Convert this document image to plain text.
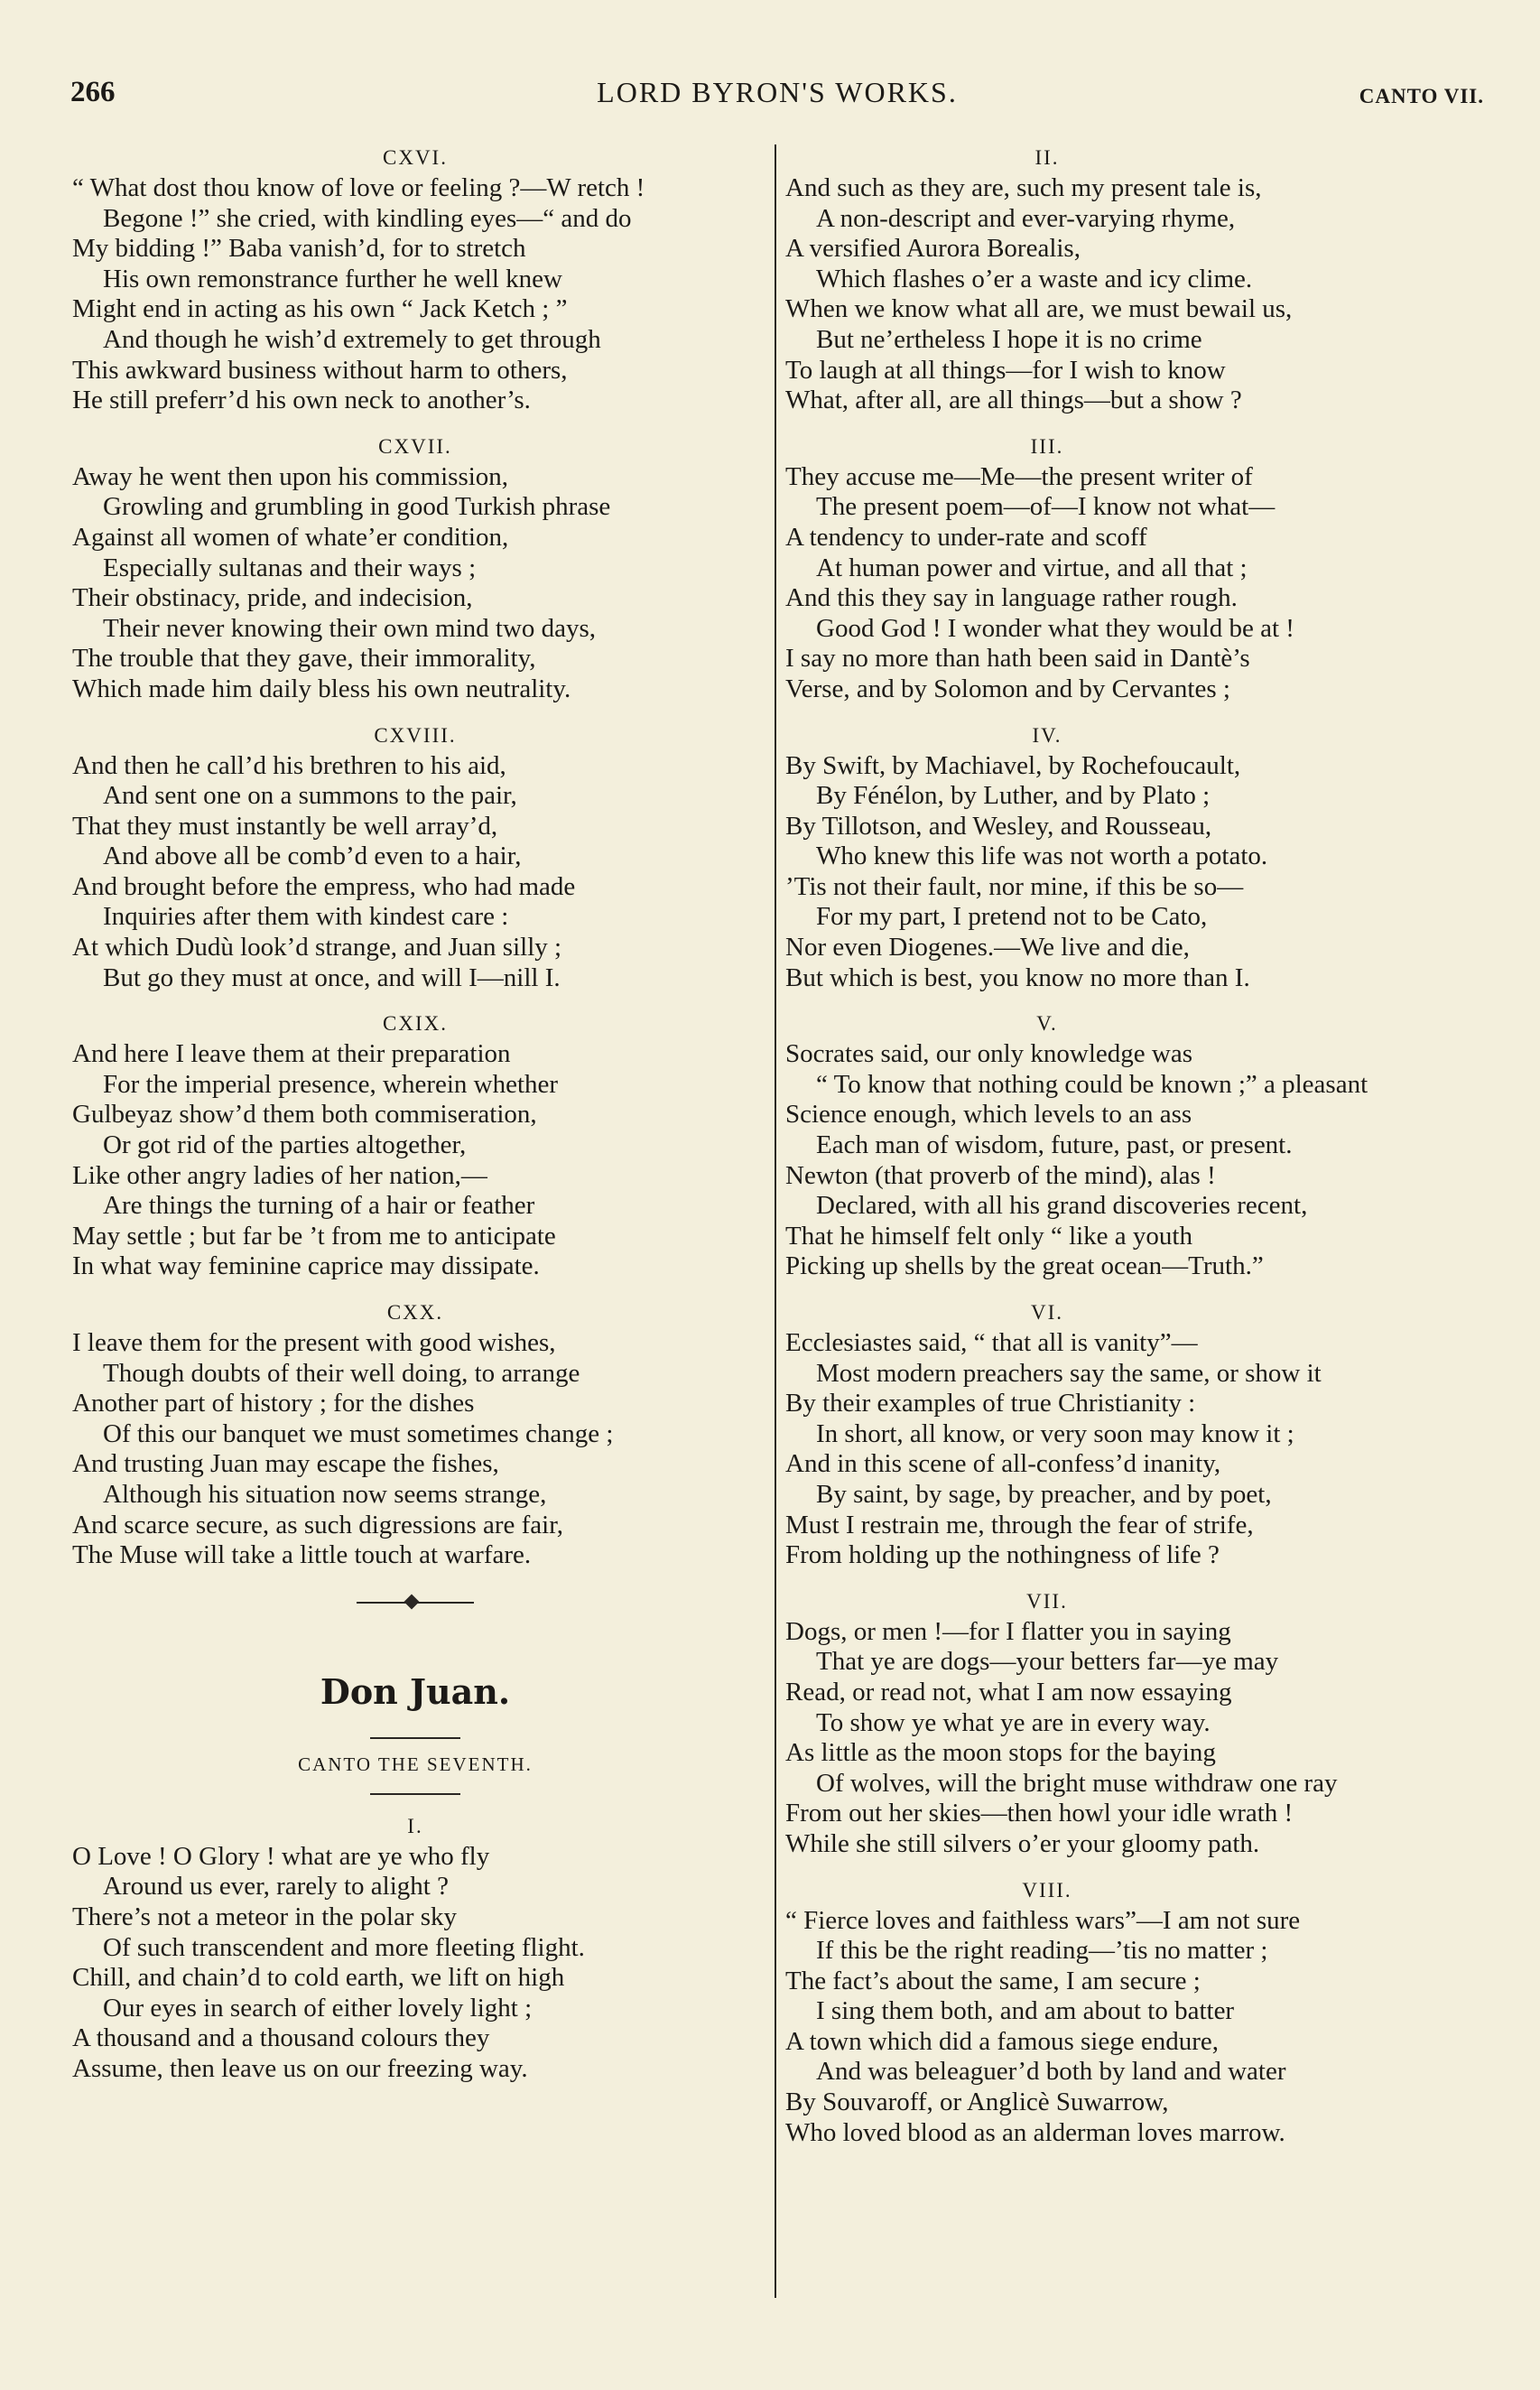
266	LORD BYRON'S WORKS.	CANTO VII.
CXVI.
“ What dost thou know of love or feeling ?—W retch !
Begone !” she cried, with kindling eyes—“ and do
My bidding !” Baba vanish’d, for to stretch
His own remonstrance further he well knew
Might end in acting as his own “ Jack Ketch ; ”
And though he wish’d extremely to get through
This awkward business without harm to others,
He still preferr’d his own neck to another’s.
CXVII.
Away he went then upon his commission,
Growling and grumbling in good Turkish phrase
Against all women of whate’er condition,
Especially sultanas and their ways ;
Their obstinacy, pride, and indecision,
Their never knowing their own mind two days,
The trouble that they gave, their immorality,
Which made him daily bless his own neutrality.
CXVIII.
And then he call’d his brethren to his aid,
And sent one on a summons to the pair,
That they must instantly be well array’d,
And above all be comb’d even to a hair,
And brought before the empress, who had made
Inquiries after them with kindest care :
At which Dudù look’d strange, and Juan silly ;
But go they must at once, and will I—nill I.
CXIX.
And here I leave them at their preparation
For the imperial presence, wherein whether
Gulbeyaz show’d them both commiseration,
Or got rid of the parties altogether,
Like other angry ladies of her nation,—
Are things the turning of a hair or feather
May settle ; but far be ’t from me to anticipate
In what way feminine caprice may dissipate.
CXX.
I leave them for the present with good wishes,
Though doubts of their well doing, to arrange
Another part of history ; for the dishes
Of this our banquet we must sometimes change ;
And trusting Juan may escape the fishes,
Although his situation now seems strange,
And scarce secure, as such digressions are fair,
The Muse will take a little touch at warfare.
Don Juan.
CANTO THE SEVENTH.
I.
O Love ! O Glory ! what are ye who fly
Around us ever, rarely to alight ?
There’s not a meteor in the polar sky
Of such transcendent and more fleeting flight.
Chill, and chain’d to cold earth, we lift on high
Our eyes in search of either lovely light ;
A thousand and a thousand colours they
Assume, then leave us on our freezing way.
II.
And such as they are, such my present tale is,
A non-descript and ever-varying rhyme,
A versified Aurora Borealis,
Which flashes o’er a waste and icy clime.
When we know what all are, we must bewail us,
But ne’ertheless I hope it is no crime
To laugh at all things—for I wish to know
What, after all, are all things—but a show ?
III.
They accuse me—Me—the present writer of
The present poem—of—I know not what—
A tendency to under-rate and scoff
At human power and virtue, and all that ;
And this they say in language rather rough.
Good God ! I wonder what they would be at !
I say no more than hath been said in Dantè’s
Verse, and by Solomon and by Cervantes ;
IV.
By Swift, by Machiavel, by Rochefoucault,
By Fénélon, by Luther, and by Plato ;
By Tillotson, and Wesley, and Rousseau,
Who knew this life was not worth a potato.
’Tis not their fault, nor mine, if this be so—
For my part, I pretend not to be Cato,
Nor even Diogenes.—We live and die,
But which is best, you know no more than I.
V.
Socrates said, our only knowledge was
“ To know that nothing could be known ;” a pleasant
Science enough, which levels to an ass
Each man of wisdom, future, past, or present.
Newton (that proverb of the mind), alas !
Declared, with all his grand discoveries recent,
That he himself felt only “ like a youth
Picking up shells by the great ocean—Truth.”
VI.
Ecclesiastes said, “ that all is vanity”—
Most modern preachers say the same, or show it
By their examples of true Christianity :
In short, all know, or very soon may know it ;
And in this scene of all-confess’d inanity,
By saint, by sage, by preacher, and by poet,
Must I restrain me, through the fear of strife,
From holding up the nothingness of life ?
VII.
Dogs, or men !—for I flatter you in saying
That ye are dogs—your betters far—ye may
Read, or read not, what I am now essaying
To show ye what ye are in every way.
As little as the moon stops for the baying
Of wolves, will the bright muse withdraw one ray
From out her skies—then howl your idle wrath !
While she still silvers o’er your gloomy path.
VIII.
“ Fierce loves and faithless wars”—I am not sure
If this be the right reading—’tis no matter ;
The fact’s about the same, I am secure ;
I sing them both, and am about to batter
A town which did a famous siege endure,
And was beleaguer’d both by land and water
By Souvaroff, or Anglicè Suwarrow,
Who loved blood as an alderman loves marrow.
